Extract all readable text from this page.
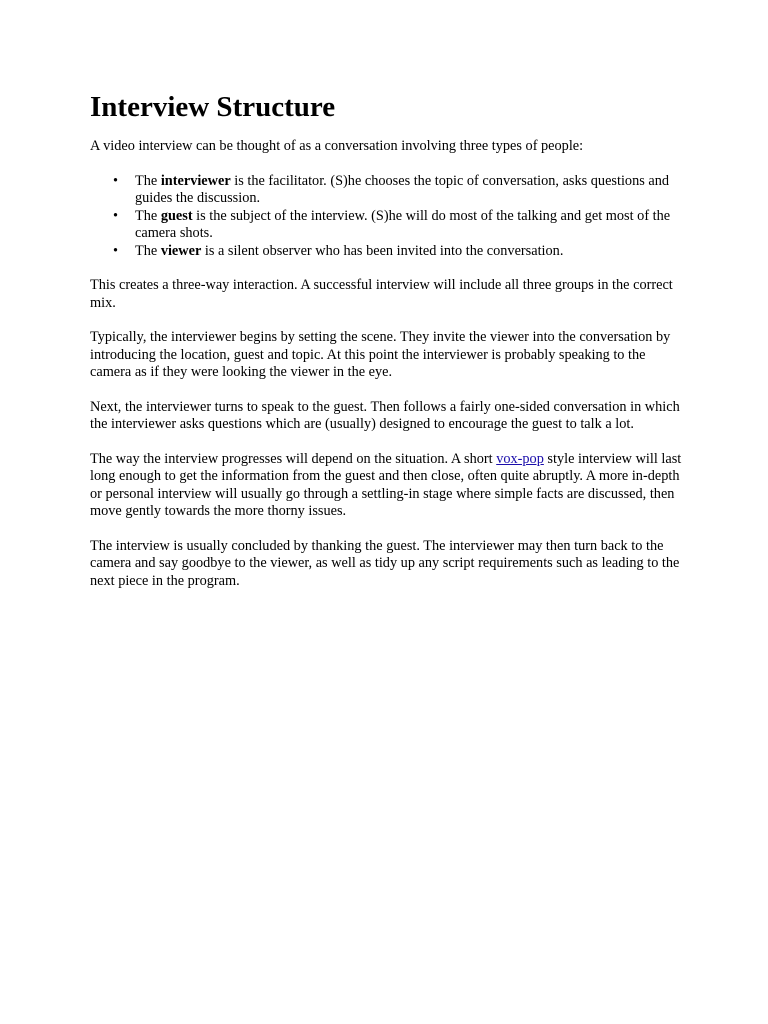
Interview Structure

A video interview can be thought of as a conversation involving three types of people:

• The interviewer is the facilitator. (S)he chooses the topic of conversation, asks questions and guides the discussion.
• The guest is the subject of the interview. (S)he will do most of the talking and get most of the camera shots.
• The viewer is a silent observer who has been invited into the conversation.

This creates a three-way interaction. A successful interview will include all three groups in the correct mix.

Typically, the interviewer begins by setting the scene. They invite the viewer into the conversation by introducing the location, guest and topic. At this point the interviewer is probably speaking to the camera as if they were looking the viewer in the eye.

Next, the interviewer turns to speak to the guest. Then follows a fairly one-sided conversation in which the interviewer asks questions which are (usually) designed to encourage the guest to talk a lot.

The way the interview progresses will depend on the situation. A short vox-pop style interview will last long enough to get the information from the guest and then close, often quite abruptly. A more in-depth or personal interview will usually go through a settling-in stage where simple facts are discussed, then move gently towards the more thorny issues.

The interview is usually concluded by thanking the guest. The interviewer may then turn back to the camera and say goodbye to the viewer, as well as tidy up any script requirements such as leading to the next piece in the program.
